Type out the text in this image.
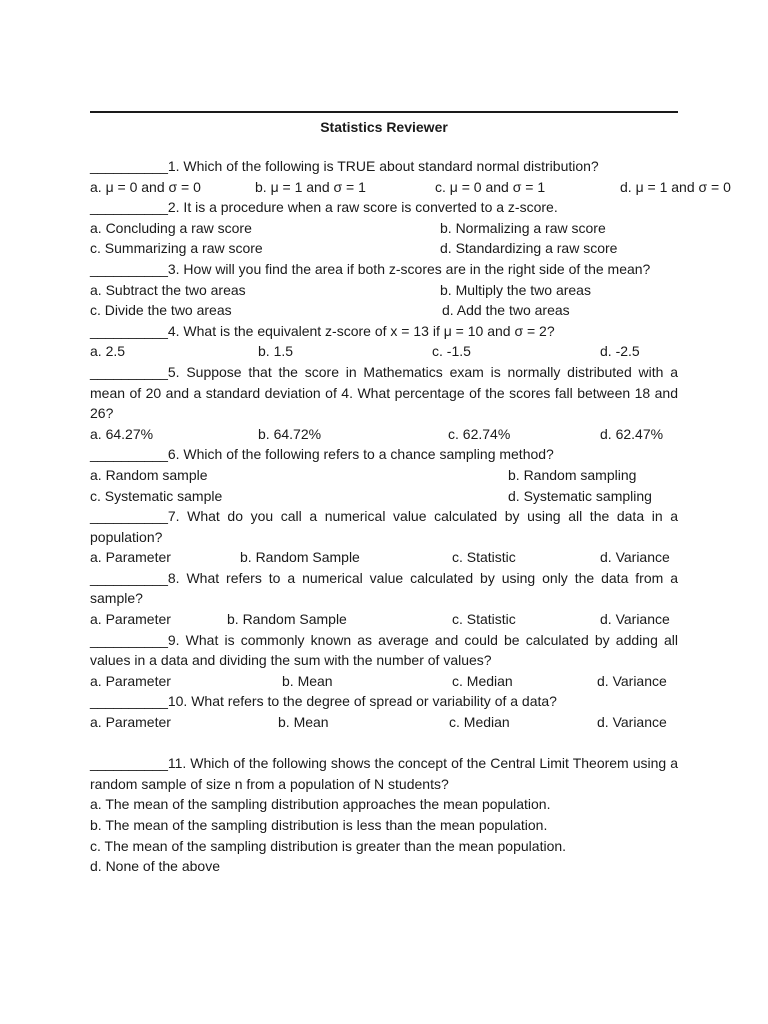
Statistics Reviewer
__________1. Which of the following is TRUE about standard normal distribution?
a. μ = 0 and σ = 0	b. μ = 1 and σ = 1	c. μ = 0 and σ = 1	d. μ = 1 and σ = 0
__________2. It is a procedure when a raw score is converted to a z-score.
a. Concluding a raw score	b. Normalizing a raw score
c. Summarizing a raw score	d. Standardizing a raw score
__________3. How will you find the area if both z-scores are in the right side of the mean?
a. Subtract the two areas	b. Multiply the two areas
c. Divide the two areas	d. Add the two areas
__________4. What is the equivalent z-score of x = 13 if μ = 10 and σ = 2?
a. 2.5	b. 1.5	c. -1.5	d. -2.5
__________5. Suppose that the score in Mathematics exam is normally distributed with a mean of 20 and a standard deviation of 4. What percentage of the scores fall between 18 and 26?
a. 64.27%	b. 64.72%	c. 62.74%	d. 62.47%
__________6. Which of the following refers to a chance sampling method?
a. Random sample	b. Random sampling
c. Systematic sample	d. Systematic sampling
__________7. What do you call a numerical value calculated by using all the data in a population?
a. Parameter	b. Random Sample	c. Statistic	d. Variance
__________8. What refers to a numerical value calculated by using only the data from a sample?
a. Parameter	b. Random Sample	c. Statistic	d. Variance
__________9. What is commonly known as average and could be calculated by adding all values in a data and dividing the sum with the number of values?
a. Parameter	b. Mean	c. Median	d. Variance
__________10. What refers to the degree of spread or variability of a data?
a. Parameter	b. Mean	c. Median	d. Variance
__________11. Which of the following shows the concept of the Central Limit Theorem using a random sample of size n from a population of N students?
a. The mean of the sampling distribution approaches the mean population.
b. The mean of the sampling distribution is less than the mean population.
c. The mean of the sampling distribution is greater than the mean population.
d. None of the above
